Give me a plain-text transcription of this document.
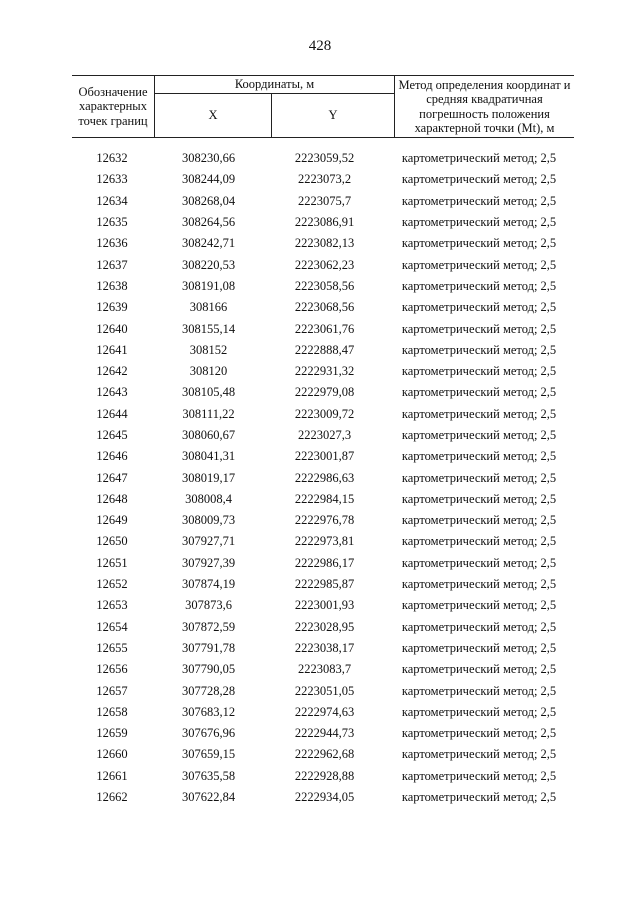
428
Обозначение характерных точек границ	Координаты, м		Метод определения координат и средняя квадратичная погрешность положения характерной точки (Mt), м
	X	Y	
12632	308230,66	2223059,52	картометрический метод; 2,5
12633	308244,09	2223073,2	картометрический метод; 2,5
12634	308268,04	2223075,7	картометрический метод; 2,5
12635	308264,56	2223086,91	картометрический метод; 2,5
12636	308242,71	2223082,13	картометрический метод; 2,5
12637	308220,53	2223062,23	картометрический метод; 2,5
12638	308191,08	2223058,56	картометрический метод; 2,5
12639	308166	2223068,56	картометрический метод; 2,5
12640	308155,14	2223061,76	картометрический метод; 2,5
12641	308152	2222888,47	картометрический метод; 2,5
12642	308120	2222931,32	картометрический метод; 2,5
12643	308105,48	2222979,08	картометрический метод; 2,5
12644	308111,22	2223009,72	картометрический метод; 2,5
12645	308060,67	2223027,3	картометрический метод; 2,5
12646	308041,31	2223001,87	картометрический метод; 2,5
12647	308019,17	2222986,63	картометрический метод; 2,5
12648	308008,4	2222984,15	картометрический метод; 2,5
12649	308009,73	2222976,78	картометрический метод; 2,5
12650	307927,71	2222973,81	картометрический метод; 2,5
12651	307927,39	2222986,17	картометрический метод; 2,5
12652	307874,19	2222985,87	картометрический метод; 2,5
12653	307873,6	2223001,93	картометрический метод; 2,5
12654	307872,59	2223028,95	картометрический метод; 2,5
12655	307791,78	2223038,17	картометрический метод; 2,5
12656	307790,05	2223083,7	картометрический метод; 2,5
12657	307728,28	2223051,05	картометрический метод; 2,5
12658	307683,12	2222974,63	картометрический метод; 2,5
12659	307676,96	2222944,73	картометрический метод; 2,5
12660	307659,15	2222962,68	картометрический метод; 2,5
12661	307635,58	2222928,88	картометрический метод; 2,5
12662	307622,84	2222934,05	картометрический метод; 2,5
